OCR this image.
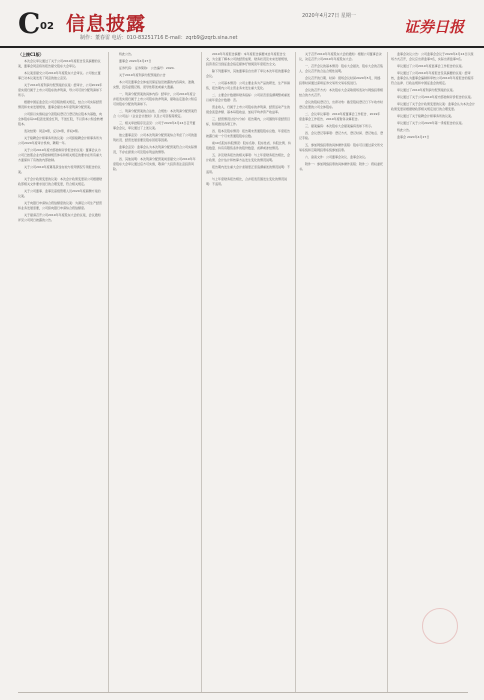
C 02 信息披露	2020年4月27日 星期一
制作：董春雷 电话：010-83251716 E-mail：zqrb9@zqrb.sina.net
证券日报
（上接C1版）

本次会议审议通过了关于公司2019年度报告及其摘要的议案，董事会同意将该报告提交股东大会审议。

本议案需提交公司2019年年度股东大会审议。公司独立董事已对本议案发表了同意的独立意见。

关于2019年度利润分配预案的议案：经审计，公司2019年度实现归属于上市公司股东的净利润，母公司可供分配利润如下所示。

根据中国证监会及公司章程的相关规定，结合公司实际经营情况和未来发展规划，董事会提出本年度利润分配预案。

公司拟以实施权益分派股权登记日登记的总股本为基数，向全体股东每10股派发现金红利，不送红股，不以资本公积金转增股本。

表决结果：同意9票，反对0票，弃权0票。

关于续聘会计师事务所的议案：公司拟续聘会计师事务所为公司2020年度审计机构，聘期一年。

关于公司2019年度内部控制评价报告的议案：董事会认为公司已按照企业内部控制规范体系和相关规定的要求在所有重大方面保持了有效的内部控制。

关于公司2019年度募集资金存放与使用情况专项报告的议案。

关于会计政策变更的议案：本次会计政策变更是公司根据财政部相关文件要求进行的合理变更，符合相关规定。

关于公司董事、监事及高级管理人员2020年度薪酬方案的议案。

关于向银行申请综合授信额度的议案：为满足公司生产经营和业务发展需要，公司拟向银行申请综合授信额度。

关于提请召开公司2019年年度股东大会的议案，会议通知详见公司同日披露的公告。

特此公告。

董事会 2020年4月27日

证券代码： 证券简称： 公告编号：2020-

关于2019年度利润分配预案的公告

本公司及董事会全体成员保证信息披露的内容真实、准确、完整，没有虚假记载、误导性陈述或重大遗漏。

一、利润分配预案的具体内容：经审计，公司2019年度合并报表实现归属于上市公司股东的净利润，提取法定盈余公积后可供股东分配的利润如下。

二、利润分配预案的合法性、合规性：本次利润分配预案符合《公司法》《企业会计准则》以及公司章程等规定。

三、相关审批程序及意见：公司于2020年4月24日召开董事会会议，审议通过了上述议案。

独立董事意见：公司本次利润分配预案综合考虑了公司的盈利状况、经营发展需要及股东回报等因素。

监事会意见：监事会认为本次利润分配预案符合公司实际情况，不存在损害公司及股东利益的情形。

四、其他说明：本次利润分配预案尚需提交公司2019年年度股东大会审议通过后方可实施，敬请广大投资者注意投资风险。

2019年年度报告摘要：本年度报告摘要来自年度报告全文，为全面了解本公司的经营成果、财务状况及未来发展规划，投资者应当到证监会指定媒体仔细阅读年度报告全文。

除下列董事外，其他董事亲自出席了审议本次年报的董事会会议。

一、公司基本情况：公司主要业务为产品的研发、生产和销售，报告期内公司主营业务未发生重大变化。

二、主要会计数据和财务指标：公司是否需追溯调整或重述以前年度会计数据：否。

营业收入、归属于上市公司股东的净利润、经营活动产生的现金流量净额、基本每股收益、加权平均净资产收益率。

三、经营情况讨论与分析：报告期内，公司围绕年度经营目标，积极推进各项工作。

四、股本及股东情况：报告期末普通股股东总数、年度报告披露日前一个月末普通股股东总数。

前10名股东持股情况：股东名称、股东性质、持股比例、持股数量、持有有限售条件的股份数量、质押或冻结情况。

五、涉及财务报告的相关事项：与上年度财务报告相比，会计政策、会计估计和核算方法发生变化的情况说明。

报告期内发生重大会计差错更正需追溯重述的情况说明：不适用。

与上年度财务报告相比，合并报表范围发生变化的情况说明：不适用。

关于召开2019年年度股东大会的通知：根据公司董事会决议，决定召开公司2019年年度股东大会。

一、召开会议的基本情况：股东大会届次、股东大会的召集人、会议召开的合法合规性说明。

会议召开的日期、时间：现场会议时间2020年5月，网络投票时间通过深圳证券交易所交易系统进行。

会议的召开方式：本次股东大会采取现场表决与网络投票相结合的方式召开。

会议的股权登记日，出席对象：截至股权登记日下午收市时登记在册的公司全体股东。

二、会议审议事项：2019年度董事会工作报告、2019年度监事会工作报告、2019年度财务决算报告。

三、提案编码：本次股东大会提案编码表如下所示。

四、会议登记等事项：登记方式、登记时间、登记地点、登记手续。

五、参加网络投票的具体操作流程：股东可以通过深交所交易系统和互联网投票系统参加投票。

六、备查文件：公司董事会决议、监事会决议。

附件一：参加网络投票的具体操作流程；附件二：授权委托书。

监事会决议公告：公司监事会会议于2020年4月24日以现场方式召开，会议应出席监事3名，实际出席监事3名。

审议通过了公司2019年度监事会工作报告的议案。

审议通过了公司2019年年度报告及其摘要的议案：经审核，监事会认为董事会编制和审核公司2019年年度报告的程序符合法律、行政法规和中国证监会的规定。

审议通过了2019年度利润分配预案的议案。

审议通过了关于公司2019年度内部控制评价报告的议案。

审议通过了关于会计政策变更的议案：监事会认为本次会计政策变更是根据财政部相关规定进行的合理变更。

审议通过了关于续聘会计师事务所的议案。

审议通过了关于公司2020年第一季度报告的议案。

特此公告。

监事会 2020年4月27日
